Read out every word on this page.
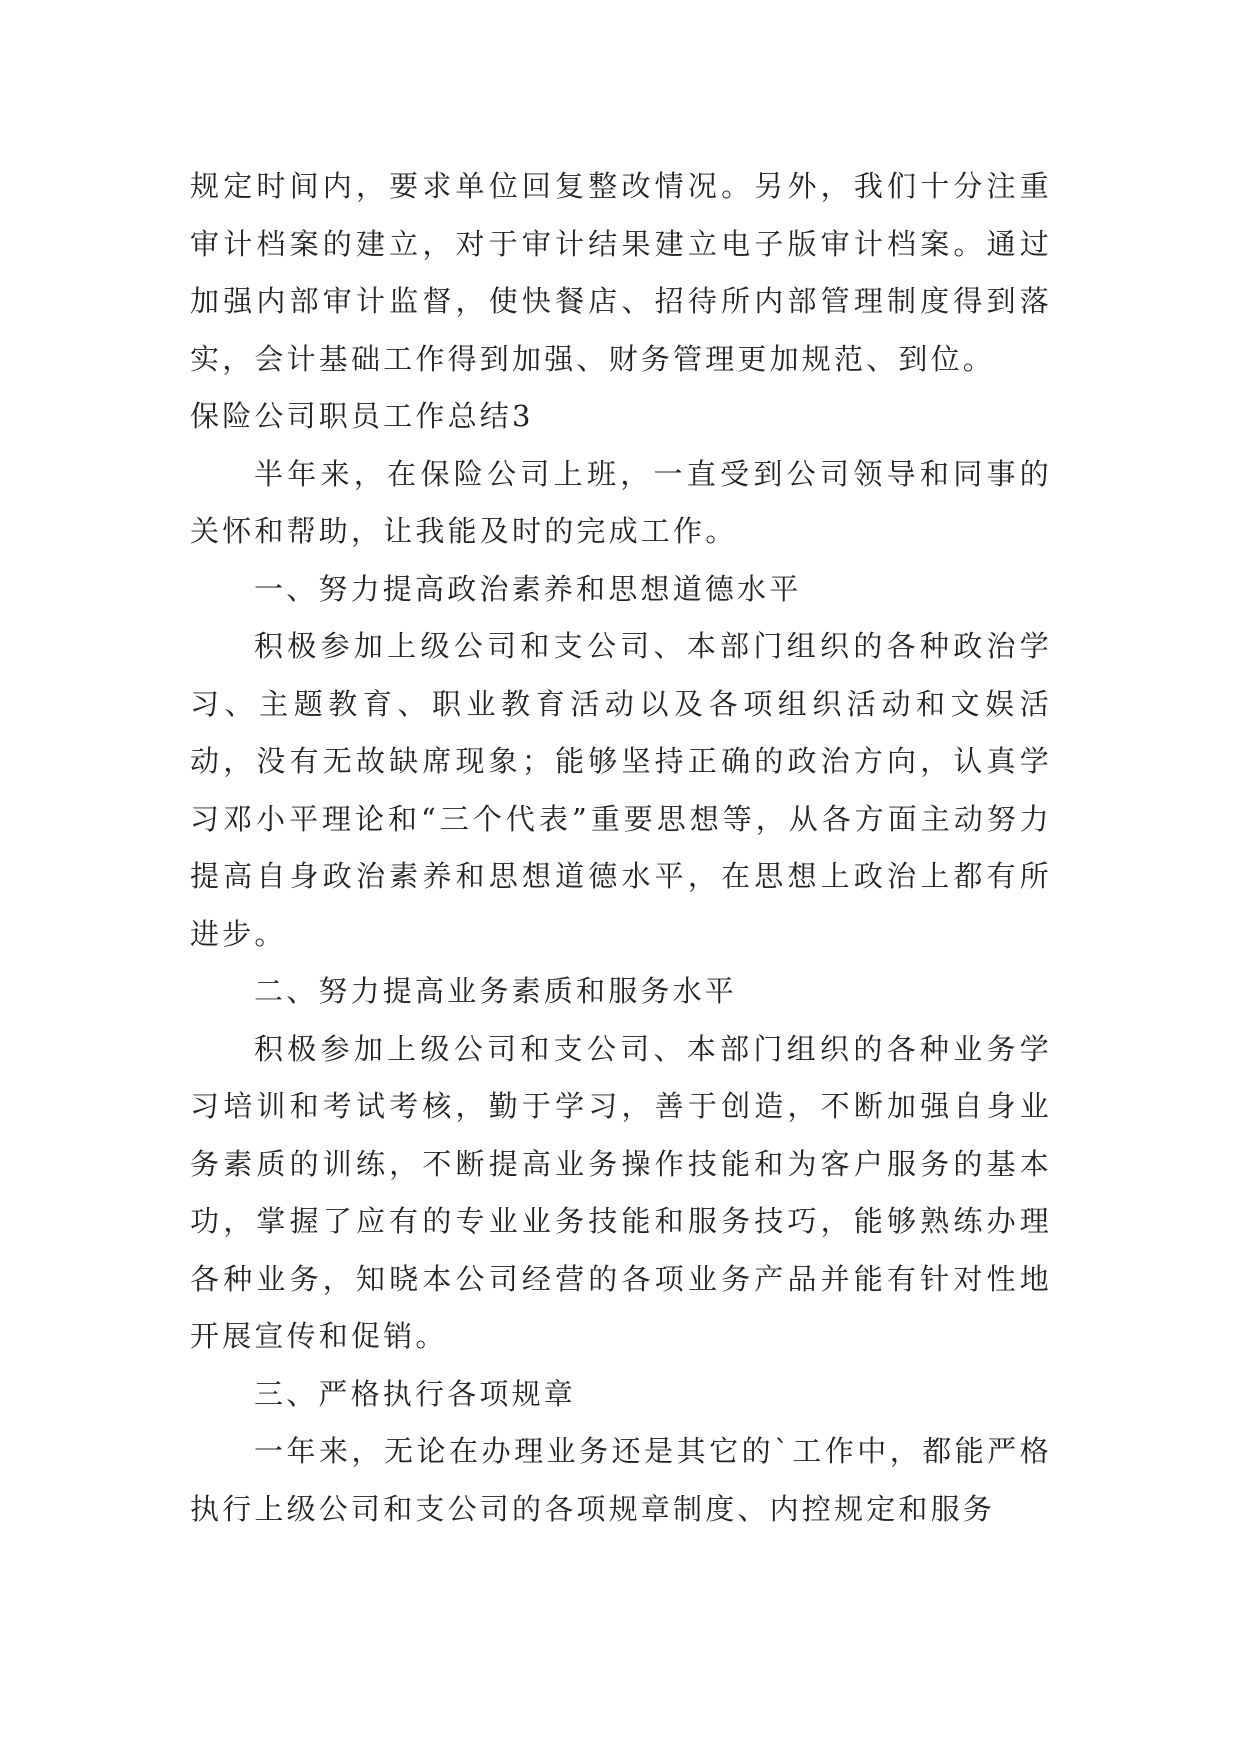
规定时间内，要求单位回复整改情况。另外，我们十分注重审计档案的建立，对于审计结果建立电子版审计档案。通过加强内部审计监督，使快餐店、招待所内部管理制度得到落实，会计基础工作得到加强、财务管理更加规范、到位。

保险公司职员工作总结3

半年来，在保险公司上班，一直受到公司领导和同事的关怀和帮助，让我能及时的完成工作。

一、努力提高政治素养和思想道德水平

积极参加上级公司和支公司、本部门组织的各种政治学习、主题教育、职业教育活动以及各项组织活动和文娱活动，没有无故缺席现象；能够坚持正确的政治方向，认真学习邓小平理论和“三个代表”重要思想等，从各方面主动努力提高自身政治素养和思想道德水平，在思想上政治上都有所进步。

二、努力提高业务素质和服务水平

积极参加上级公司和支公司、本部门组织的各种业务学习培训和考试考核，勤于学习，善于创造，不断加强自身业务素质的训练，不断提高业务操作技能和为客户服务的基本功，掌握了应有的专业业务技能和服务技巧，能够熟练办理各种业务，知晓本公司经营的各项业务产品并能有针对性地开展宣传和促销。

三、严格执行各项规章

一年来，无论在办理业务还是其它的`工作中，都能严格执行上级公司和支公司的各项规章制度、内控规定和服务
